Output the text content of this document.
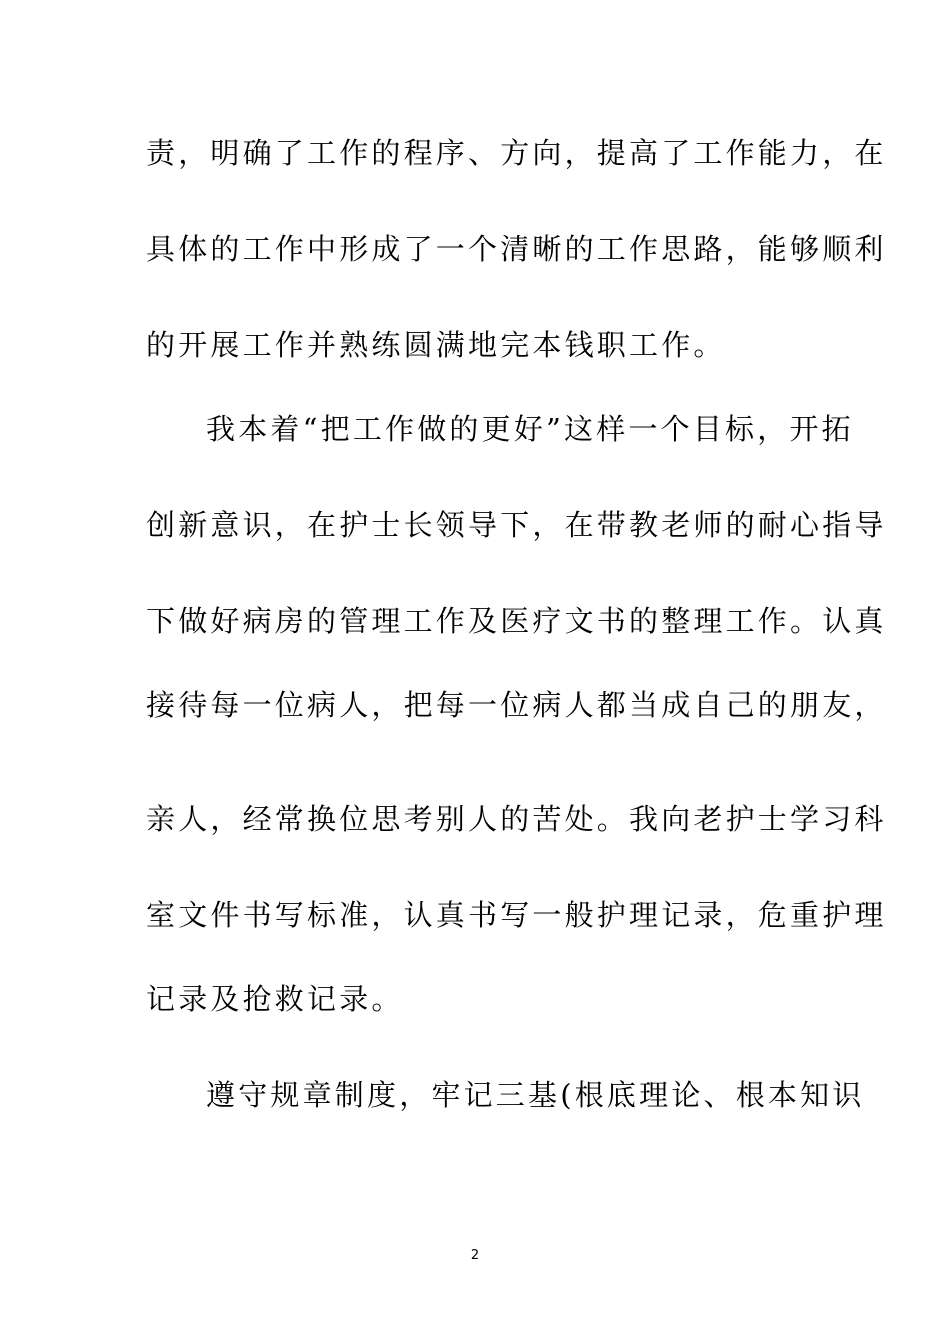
责，明确了工作的程序、方向，提高了工作能力，在
具体的工作中形成了一个清晰的工作思路，能够顺利
的开展工作并熟练圆满地完本钱职工作。
我本着“把工作做的更好”这样一个目标，开拓
创新意识，在护士长领导下，在带教老师的耐心指导
下做好病房的管理工作及医疗文书的整理工作。认真
接待每一位病人，把每一位病人都当成自己的朋友，
亲人，经常换位思考别人的苦处。我向老护士学习科
室文件书写标准，认真书写一般护理记录，危重护理
记录及抢救记录。
遵守规章制度，牢记三基(根底理论、根本知识
2
